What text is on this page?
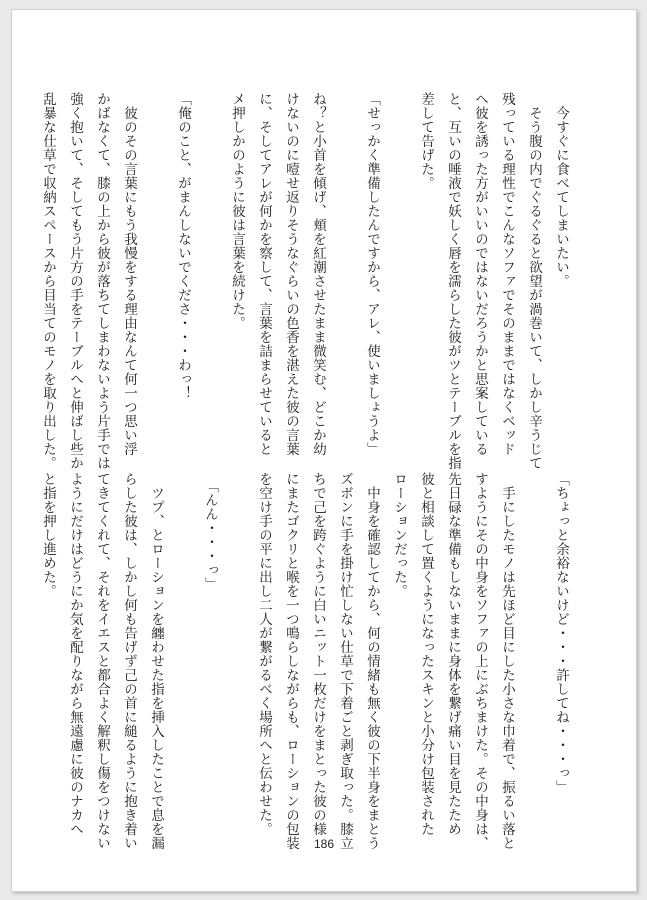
　今すぐに食べてしまいたい。

　そう腹の内でぐるぐると欲望が渦巻いて、しかし辛うじて

残っている理性でこんなソファでそのままではなくベッド

へ彼を誘った方がいいのではないだろうかと思案している

と、互いの唾液で妖しく唇を濡らした彼がツとテーブルを指

差して告げた。

「せっかく準備したんですから、アレ、使いましょうよ」

ね？と小首を傾げ、頬を紅潮させたまま微笑む、どこか幼

けないのに噎せ返りそうなぐらいの色香を湛えた彼の言葉

に、そしてアレが何かを察して、言葉を詰まらせていると

メ押しかのように彼は言葉を続けた。

「俺のこと、がまんしないでくださ・・・わっ！

　彼のその言葉にもう我慢をする理由なんて何一つ思い浮

かばなくて、膝の上から彼が落ちてしまわないよう片手では

強く抱いて、そしてもう片方の手をテーブルへと伸ばし些か

乱暴な仕草で収納スペースから目当てのモノを取り出した。

「ちょっと余裕ないけど・・・許してね・・・っ」

　手にしたモノは先ほど目にした小さな巾着で、振るい落と

すようにその中身をソファの上にぶちまけた。その中身は、

先日碌な準備もしないままに身体を繋げ痛い目を見たため

彼と相談して置くようになったスキンと小分け包装された

ローションだった。

　中身を確認してから、何の情緒も無く彼の下半身をまとう

ズボンに手を掛け忙しない仕草で下着ごと剥ぎ取った。膝立

ちで己を跨ぐように白いニット一枚だけをまとった彼の様

にまたゴクリと喉を一つ鳴らしながらも、ローションの包装

を空け手の平に出し二人が繋がるべく場所へと伝わせた。

　「んん・・・っ」

　ツプ、とローションを纏わせた指を挿入したことで息を漏

らした彼は、しかし何も告げず己の首に縋るように抱き着い

てきてくれて、それをイエスと都合よく解釈し傷をつけない

ようにだけはどうにか気を配りながら無遠慮に彼のナカへ

と指を押し進めた。

186
